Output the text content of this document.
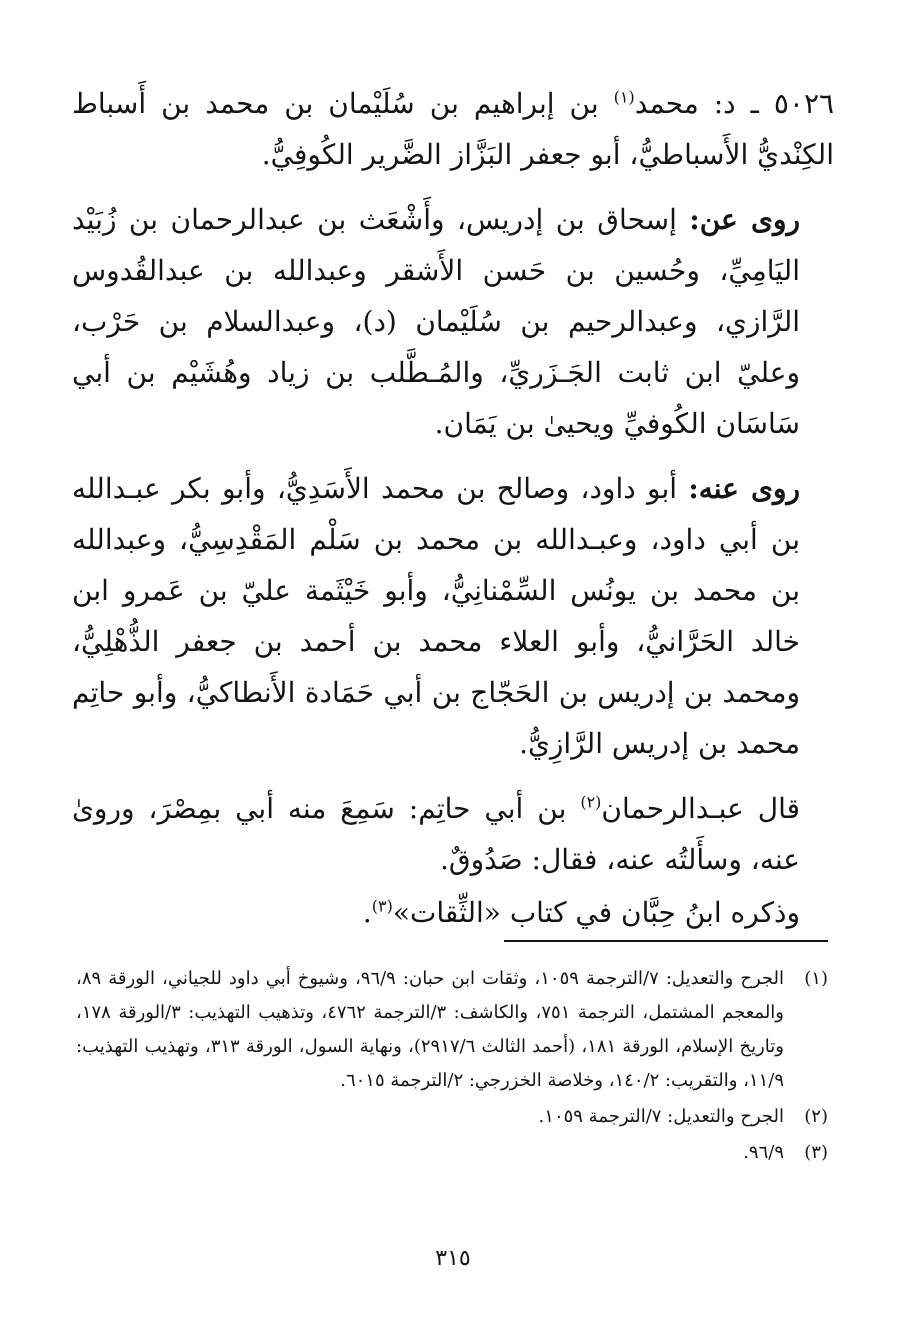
٥٠٢٦ ـ د: محمد$^{(١)}$ بن إبراهيم بن سُلَيْمان بن محمد بن أَسباط الكِنْديُّ الأَسباطيُّ، أبو جعفر البَزَّاز الضَّرير الكُوفِيُّ.

روى عن: إسحاق بن إدريس، وأَشْعَث بن عبدالرحمان بن زُبَيْد اليَامِيِّ، وحُسين بن حَسن الأَشقر وعبدالله بن عبدالقُدوس الرَّازي، وعبدالرحيم بن سُلَيْمان (د)، وعبدالسلام بن حَرْب، وعليّ ابن ثابت الجَـزَريِّ، والمُـطَّلب بن زياد وهُشَيْم بن أبي سَاسَان الكُوفيِّ ويحيىٰ بن يَمَان.

روى عنه: أبو داود، وصالح بن محمد الأَسَدِيُّ، وأبو بكر عبـدالله بن أبي داود، وعبـدالله بن محمد بن سَلْم المَقْدِسِيُّ، وعبدالله بن محمد بن يونُس السِّمْنانِيُّ، وأبو خَيْثَمة عليّ بن عَمرو ابن خالد الحَرَّانيُّ، وأبو العلاء محمد بن أحمد بن جعفر الذُّهْلِيُّ، ومحمد بن إدريس بن الحَجّاج بن أبي حَمَادة الأَنطاكيُّ، وأبو حاتِم محمد بن إدريس الرَّازِيُّ.

قال عبـدالرحمان$^{(٢)}$ بن أبي حاتِم: سَمِعَ منه أبي بمِصْرَ، وروىٰ عنه، وسأَلتُه عنه، فقال: صَدُوقٌ.

وذكره ابنُ حِبَّان في كتاب «الثِّقات»$^{(٣)}$.

(١)
الجرح والتعديل: ٧/الترجمة ١٠٥٩، وثقات ابن حبان: ٩٦/٩، وشيوخ أبي داود للجياني، الورقة ٨٩، والمعجم المشتمل، الترجمة ٧٥١، والكاشف: ٣/الترجمة ٤٧٦٢، وتذهيب التهذيب: ٣/الورقة ١٧٨، وتاريخ الإسلام، الورقة ١٨١، (أحمد الثالث ٢٩١٧/٦)، ونهاية السول، الورقة ٣١٣، وتهذيب التهذيب: ١١/٩، والتقريب: ١٤٠/٢، وخلاصة الخزرجي: ٢/الترجمة ٦٠١٥.
(٢)
الجرح والتعديل: ٧/الترجمة ١٠٥٩.
(٣)
٩٦/٩.
٣١٥
